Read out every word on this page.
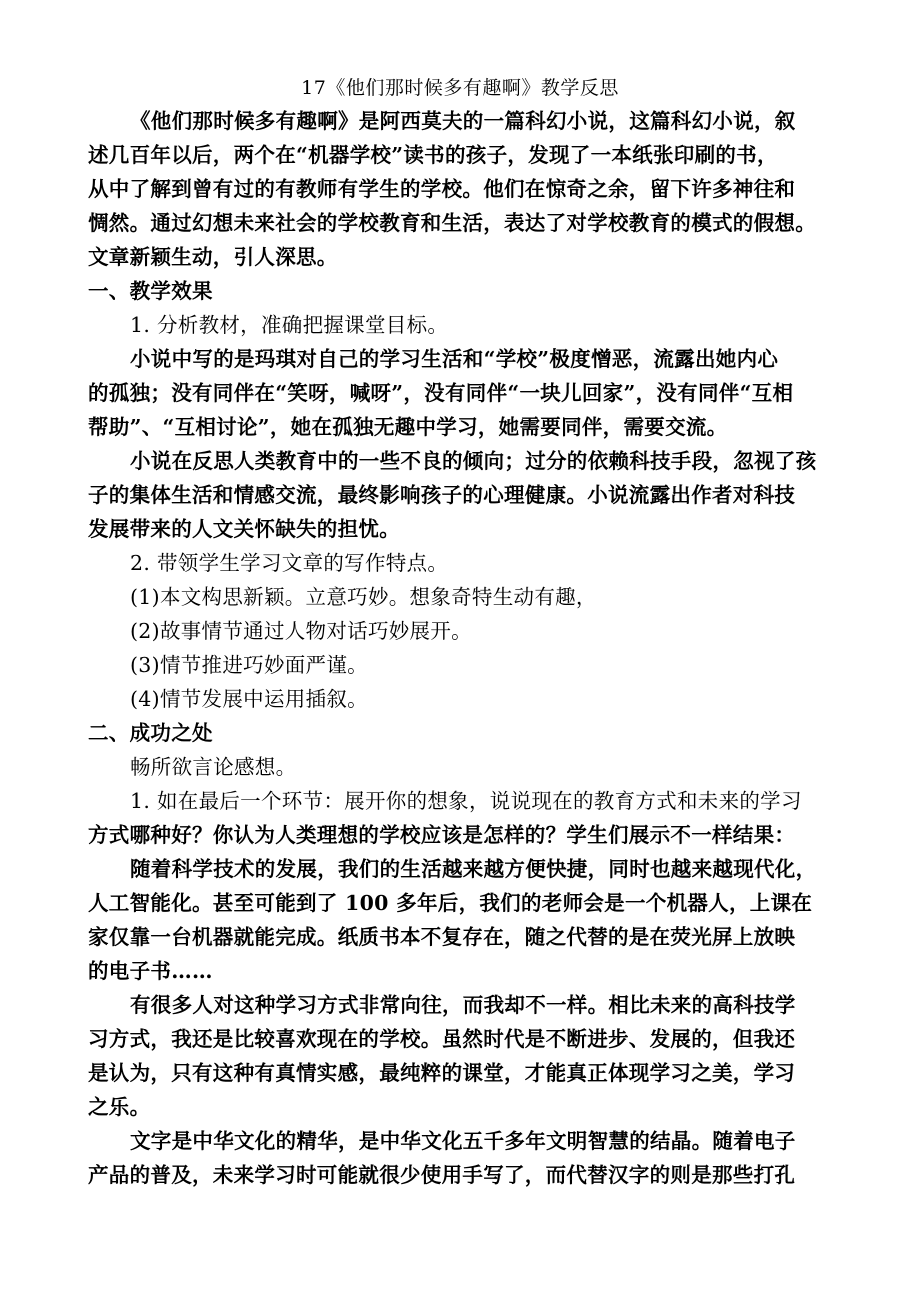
17《他们那时候多有趣啊》教学反思
《他们那时候多有趣啊》是阿西莫夫的一篇科幻小说，这篇科幻小说，叙
述几百年以后，两个在“机器学校”读书的孩子，发现了一本纸张印刷的书，
从中了解到曾有过的有教师有学生的学校。他们在惊奇之余，留下许多神往和
惆然。通过幻想未来社会的学校教育和生活，表达了对学校教育的模式的假想。
文章新颖生动，引人深思。
一、教学效果
1. 分析教材，准确把握课堂目标。
小说中写的是玛琪对自己的学习生活和“学校”极度憎恶，流露出她内心
的孤独；没有同伴在“笑呀，喊呀”，没有同伴“一块儿回家”，没有同伴“互相
帮助”、“互相讨论”，她在孤独无趣中学习，她需要同伴，需要交流。
小说在反思人类教育中的一些不良的倾向；过分的依赖科技手段，忽视了孩
子的集体生活和情感交流，最终影响孩子的心理健康。小说流露出作者对科技
发展带来的人文关怀缺失的担忧。
2. 带领学生学习文章的写作特点。
(1)本文构思新颖。立意巧妙。想象奇特生动有趣，
(2)故事情节通过人物对话巧妙展开。
(3)情节推进巧妙面严谨。
(4)情节发展中运用插叙。
二、成功之处
畅所欲言论感想。
1. 如在最后一个环节：展开你的想象，说说现在的教育方式和未来的学习
方式哪种好？你认为人类理想的学校应该是怎样的？学生们展示不一样结果：
随着科学技术的发展，我们的生活越来越方便快捷，同时也越来越现代化，
人工智能化。甚至可能到了 100 多年后，我们的老师会是一个机器人，上课在
家仅靠一台机器就能完成。纸质书本不复存在，随之代替的是在荧光屏上放映
的电子书……
有很多人对这种学习方式非常向往，而我却不一样。相比未来的高科技学
习方式，我还是比较喜欢现在的学校。虽然时代是不断进步、发展的，但我还
是认为，只有这种有真情实感，最纯粹的课堂，才能真正体现学习之美，学习
之乐。
文字是中华文化的精华，是中华文化五千多年文明智慧的结晶。随着电子
产品的普及，未来学习时可能就很少使用手写了，而代替汉字的则是那些打孔
